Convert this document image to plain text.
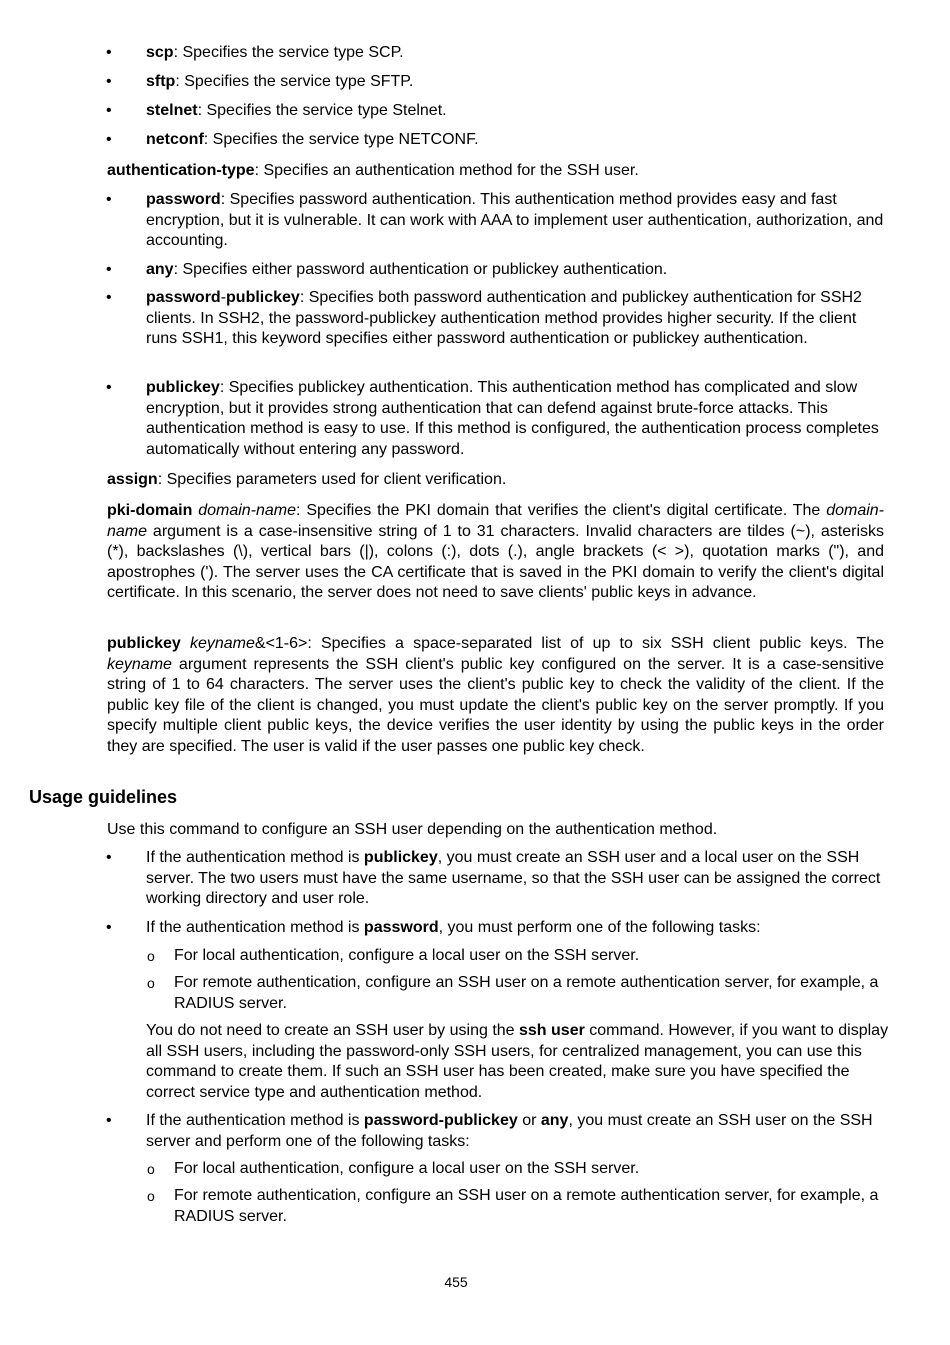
• scp: Specifies the service type SCP.
• sftp: Specifies the service type SFTP.
• stelnet: Specifies the service type Stelnet.
• netconf: Specifies the service type NETCONF.
authentication-type: Specifies an authentication method for the SSH user.
• password: Specifies password authentication. This authentication method provides easy and fast encryption, but it is vulnerable. It can work with AAA to implement user authentication, authorization, and accounting.
• any: Specifies either password authentication or publickey authentication.
• password-publickey: Specifies both password authentication and publickey authentication for SSH2 clients. In SSH2, the password-publickey authentication method provides higher security. If the client runs SSH1, this keyword specifies either password authentication or publickey authentication.
• publickey: Specifies publickey authentication. This authentication method has complicated and slow encryption, but it provides strong authentication that can defend against brute-force attacks. This authentication method is easy to use. If this method is configured, the authentication process completes automatically without entering any password.
assign: Specifies parameters used for client verification.
pki-domain domain-name: Specifies the PKI domain that verifies the client's digital certificate. The domain-name argument is a case-insensitive string of 1 to 31 characters. Invalid characters are tildes (~), asterisks (*), backslashes (\), vertical bars (|), colons (:), dots (.), angle brackets (< >), quotation marks ("), and apostrophes ('). The server uses the CA certificate that is saved in the PKI domain to verify the client's digital certificate. In this scenario, the server does not need to save clients' public keys in advance.
publickey keyname&<1-6>: Specifies a space-separated list of up to six SSH client public keys. The keyname argument represents the SSH client's public key configured on the server. It is a case-sensitive string of 1 to 64 characters. The server uses the client's public key to check the validity of the client. If the public key file of the client is changed, you must update the client's public key on the server promptly. If you specify multiple client public keys, the device verifies the user identity by using the public keys in the order they are specified. The user is valid if the user passes one public key check.
Usage guidelines
Use this command to configure an SSH user depending on the authentication method.
• If the authentication method is publickey, you must create an SSH user and a local user on the SSH server. The two users must have the same username, so that the SSH user can be assigned the correct working directory and user role.
• If the authentication method is password, you must perform one of the following tasks:
o For local authentication, configure a local user on the SSH server.
o For remote authentication, configure an SSH user on a remote authentication server, for example, a RADIUS server.
You do not need to create an SSH user by using the ssh user command. However, if you want to display all SSH users, including the password-only SSH users, for centralized management, you can use this command to create them. If such an SSH user has been created, make sure you have specified the correct service type and authentication method.
• If the authentication method is password-publickey or any, you must create an SSH user on the SSH server and perform one of the following tasks:
o For local authentication, configure a local user on the SSH server.
o For remote authentication, configure an SSH user on a remote authentication server, for example, a RADIUS server.
455
